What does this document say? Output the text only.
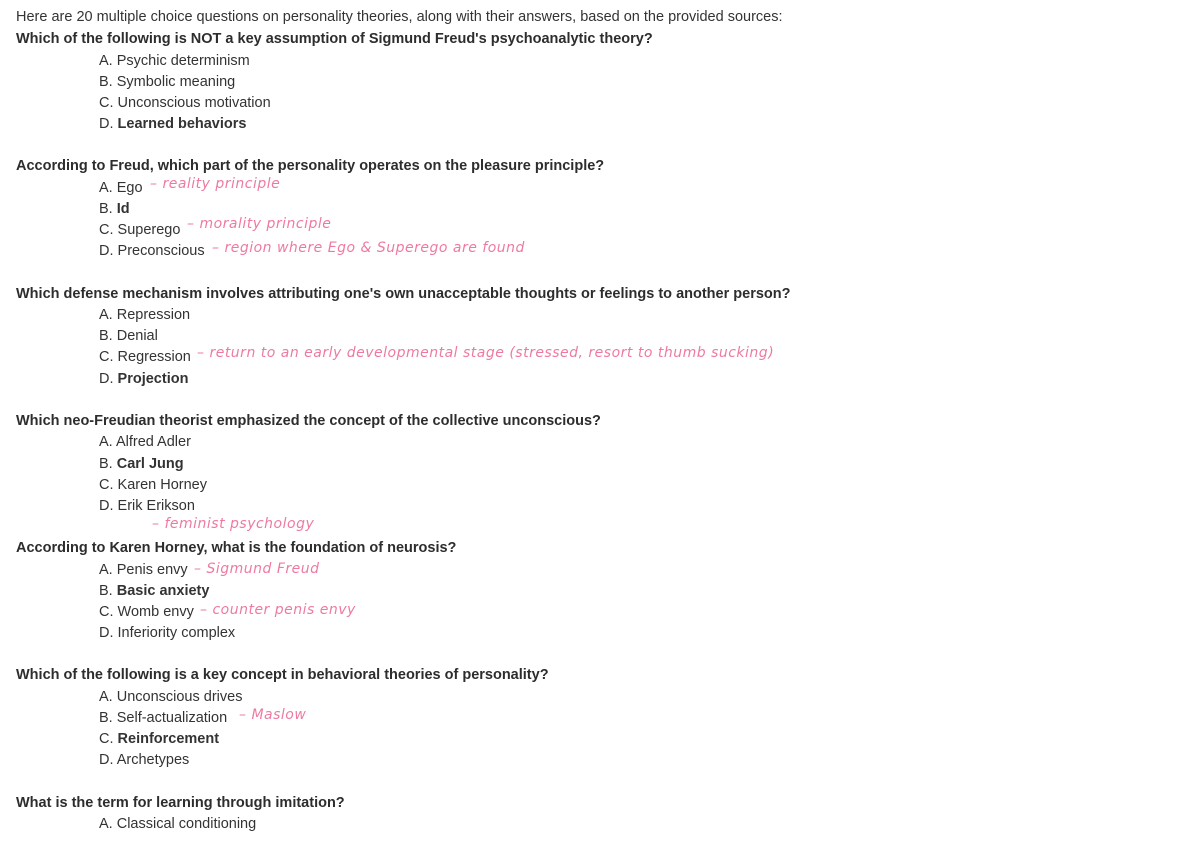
Here are 20 multiple choice questions on personality theories, along with their answers, based on the provided sources:
Which of the following is NOT a key assumption of Sigmund Freud's psychoanalytic theory?
A. Psychic determinism
B. Symbolic meaning
C. Unconscious motivation
D. Learned behaviors
According to Freud, which part of the personality operates on the pleasure principle?
A. Ego – reality principle
B. Id
C. Superego – morality principle
D. Preconscious – region where Ego & Superego are found
Which defense mechanism involves attributing one's own unacceptable thoughts or feelings to another person?
A. Repression
B. Denial
C. Regression – return to an early developmental stage (stressed, resort to thumb sucking)
D. Projection
Which neo-Freudian theorist emphasized the concept of the collective unconscious?
A. Alfred Adler
B. Carl Jung
C. Karen Horney
D. Erik Erikson
– feminist psychology
According to Karen Horney, what is the foundation of neurosis?
A. Penis envy – Sigmund Freud
B. Basic anxiety
C. Womb envy – counter penis envy
D. Inferiority complex
Which of the following is a key concept in behavioral theories of personality?
A. Unconscious drives
B. Self-actualization – Maslow
C. Reinforcement
D. Archetypes
What is the term for learning through imitation?
A. Classical conditioning
